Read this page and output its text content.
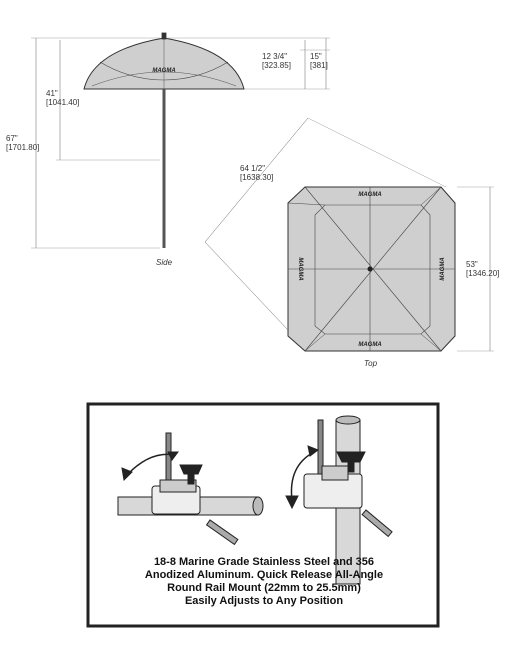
MAGMA
MAGMA
MAGMA
MAGMA	MAGMA
67"
[1701.80]
41"
[1041.40]
12 3/4"
[323.85]
15"
[381]
Side
64 1/2"
[1638.30]
53"
[1346.20]
Top
18-8 Marine Grade Stainless Steel and 356
Anodized Aluminum. Quick Release All-Angle
Round Rail Mount (22mm to 25.5mm)
Easily Adjusts to Any Position
